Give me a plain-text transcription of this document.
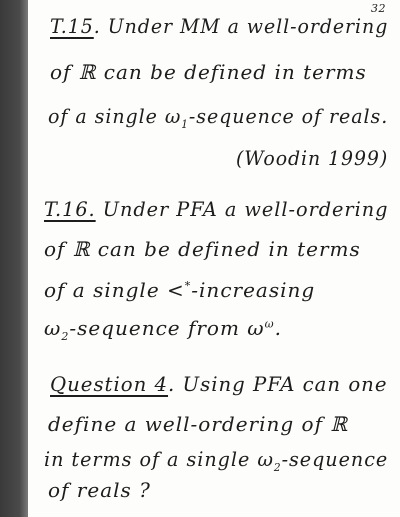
32
T.15. Under MM a well-ordering
of ℝ can be defined in terms
of a single $\omega_1$-sequence of reals.
(Woodin 1999)
T.16. Under PFA a well-ordering
of ℝ can be defined in terms
of a single <*-increasing
$\omega_2$-sequence from $\omega^\omega$.
Question 4. Using PFA can one
define a well-ordering of ℝ
in terms of a single $\omega_2$-sequence
of reals ?
